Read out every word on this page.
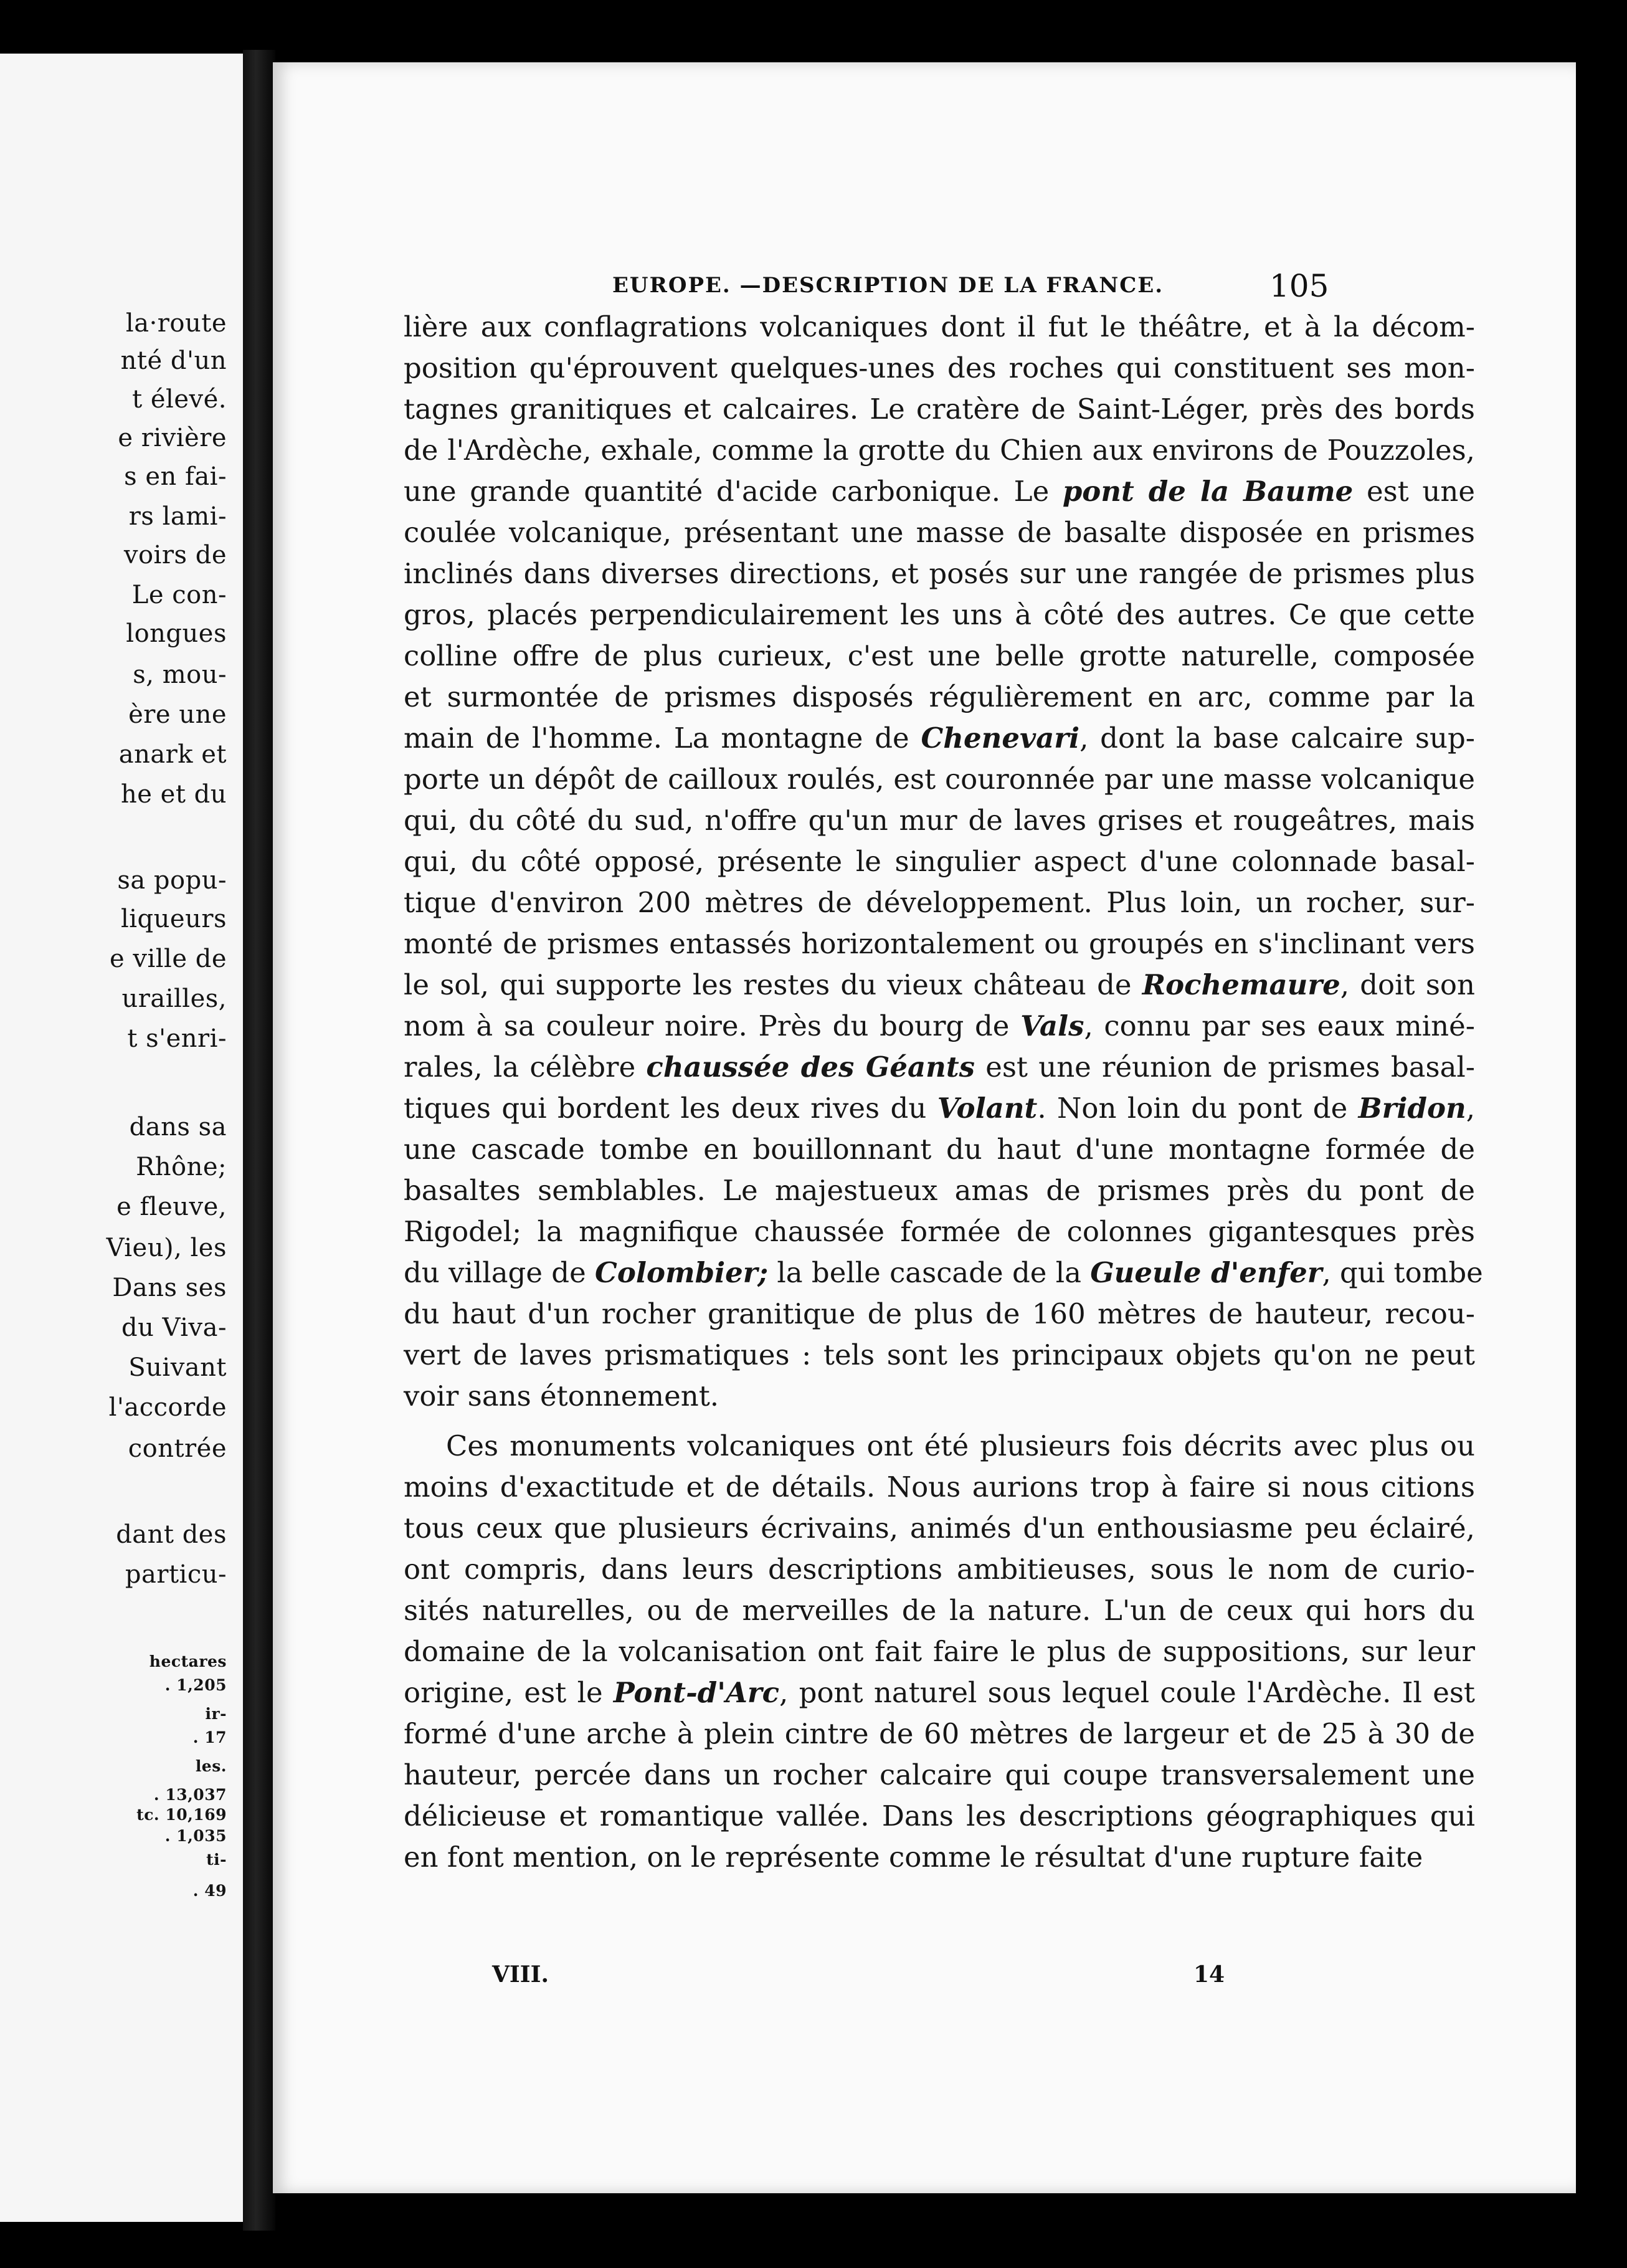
la·route
nté d'un
t élevé.
e rivière
s en fai-
rs lami-
voirs de
Le con-
longues
s, mou-
ère une
anark et
he et du
sa popu-
liqueurs
e ville de
urailles,
t s'enri-
dans sa
Rhône;
e fleuve,
Vieu), les
Dans ses
du Viva-
Suivant
l'accorde
contrée
dant des
particu-
hectares
. 1,205
ir-
. 17
les.
. 13,037
tc. 10,169
. 1,035
ti-
. 49
EUROPE. —DESCRIPTION DE LA FRANCE.	105
lière aux conflagrations volcaniques dont il fut le théâtre, et à la décom-
position qu'éprouvent quelques-unes des roches qui constituent ses mon-
tagnes granitiques et calcaires. Le cratère de Saint-Léger, près des bords
de l'Ardèche, exhale, comme la grotte du Chien aux environs de Pouzzoles,
une grande quantité d'acide carbonique. Le pont de la Baume est une
coulée volcanique, présentant une masse de basalte disposée en prismes
inclinés dans diverses directions, et posés sur une rangée de prismes plus
gros, placés perpendiculairement les uns à côté des autres. Ce que cette
colline offre de plus curieux, c'est une belle grotte naturelle, composée
et surmontée de prismes disposés régulièrement en arc, comme par la
main de l'homme. La montagne de Chenevari, dont la base calcaire sup-
porte un dépôt de cailloux roulés, est couronnée par une masse volcanique
qui, du côté du sud, n'offre qu'un mur de laves grises et rougeâtres, mais
qui, du côté opposé, présente le singulier aspect d'une colonnade basal-
tique d'environ 200 mètres de développement. Plus loin, un rocher, sur-
monté de prismes entassés horizontalement ou groupés en s'inclinant vers
le sol, qui supporte les restes du vieux château de Rochemaure, doit son
nom à sa couleur noire. Près du bourg de Vals, connu par ses eaux miné-
rales, la célèbre chaussée des Géants est une réunion de prismes basal-
tiques qui bordent les deux rives du Volant. Non loin du pont de Bridon,
une cascade tombe en bouillonnant du haut d'une montagne formée de
basaltes semblables. Le majestueux amas de prismes près du pont de
Rigodel; la magnifique chaussée formée de colonnes gigantesques près
du village de Colombier; la belle cascade de la Gueule d'enfer, qui tombe
du haut d'un rocher granitique de plus de 160 mètres de hauteur, recou-
vert de laves prismatiques : tels sont les principaux objets qu'on ne peut
voir sans étonnement.
Ces monuments volcaniques ont été plusieurs fois décrits avec plus ou
moins d'exactitude et de détails. Nous aurions trop à faire si nous citions
tous ceux que plusieurs écrivains, animés d'un enthousiasme peu éclairé,
ont compris, dans leurs descriptions ambitieuses, sous le nom de curio-
sités naturelles, ou de merveilles de la nature. L'un de ceux qui hors du
domaine de la volcanisation ont fait faire le plus de suppositions, sur leur
origine, est le Pont-d'Arc, pont naturel sous lequel coule l'Ardèche. Il est
formé d'une arche à plein cintre de 60 mètres de largeur et de 25 à 30 de
hauteur, percée dans un rocher calcaire qui coupe transversalement une
délicieuse et romantique vallée. Dans les descriptions géographiques qui
en font mention, on le représente comme le résultat d'une rupture faite
VIII.	14
